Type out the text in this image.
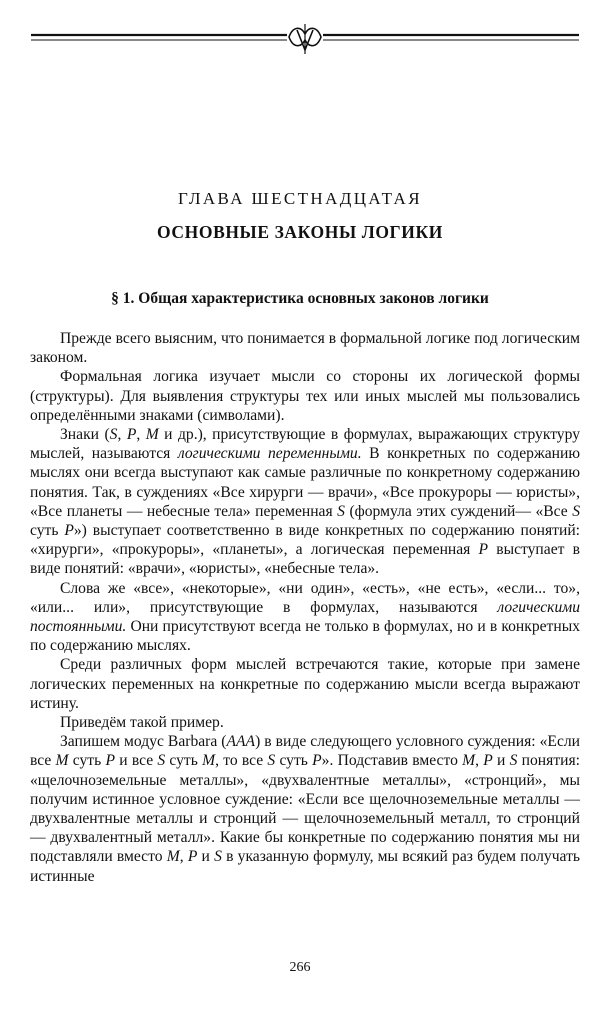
ГЛАВА ШЕСТНАДЦАТАЯ
ОСНОВНЫЕ ЗАКОНЫ ЛОГИКИ
§ 1. Общая характеристика основных законов логики

Прежде всего выясним, что понимается в формальной логике под логическим законом.

Формальная логика изучает мысли со стороны их логической формы (структуры). Для выявления структуры тех или иных мыслей мы пользовались определёнными знаками (символами).

Знаки (S, P, M и др.), присутствующие в формулах, выражающих структуру мыслей, называются логическими переменными. В конкретных по содержанию мыслях они всегда выступают как самые различные по конкретному содержанию понятия. Так, в суждениях «Все хирурги — врачи», «Все прокуроры — юристы», «Все планеты — небесные тела» переменная S (формула этих суждений— «Все S суть P») выступает соответственно в виде конкретных по содержанию понятий: «хирурги», «прокуроры», «планеты», а логическая переменная P выступает в виде понятий: «врачи», «юристы», «небесные тела».

Слова же «все», «некоторые», «ни один», «есть», «не есть», «если... то», «или... или», присутствующие в формулах, называются логическими постоянными. Они присутствуют всегда не только в формулах, но и в конкретных по содержанию мыслях.

Среди различных форм мыслей встречаются такие, которые при замене логических переменных на конкретные по содержанию мысли всегда выражают истину.

Приведём такой пример.

Запишем модус Barbara (AAA) в виде следующего условного суждения: «Если все M суть P и все S суть M, то все S суть P». Подставив вместо M, P и S понятия: «щелочноземельные металлы», «двухвалентные металлы», «стронций», мы получим истинное условное суждение: «Если все щелочноземельные металлы — двухвалентные металлы и стронций — щелочноземельный металл, то стронций — двухвалентный металл». Какие бы конкретные по содержанию понятия мы ни подставляли вместо M, P и S в указанную формулу, мы всякий раз будем получать истинные

266
